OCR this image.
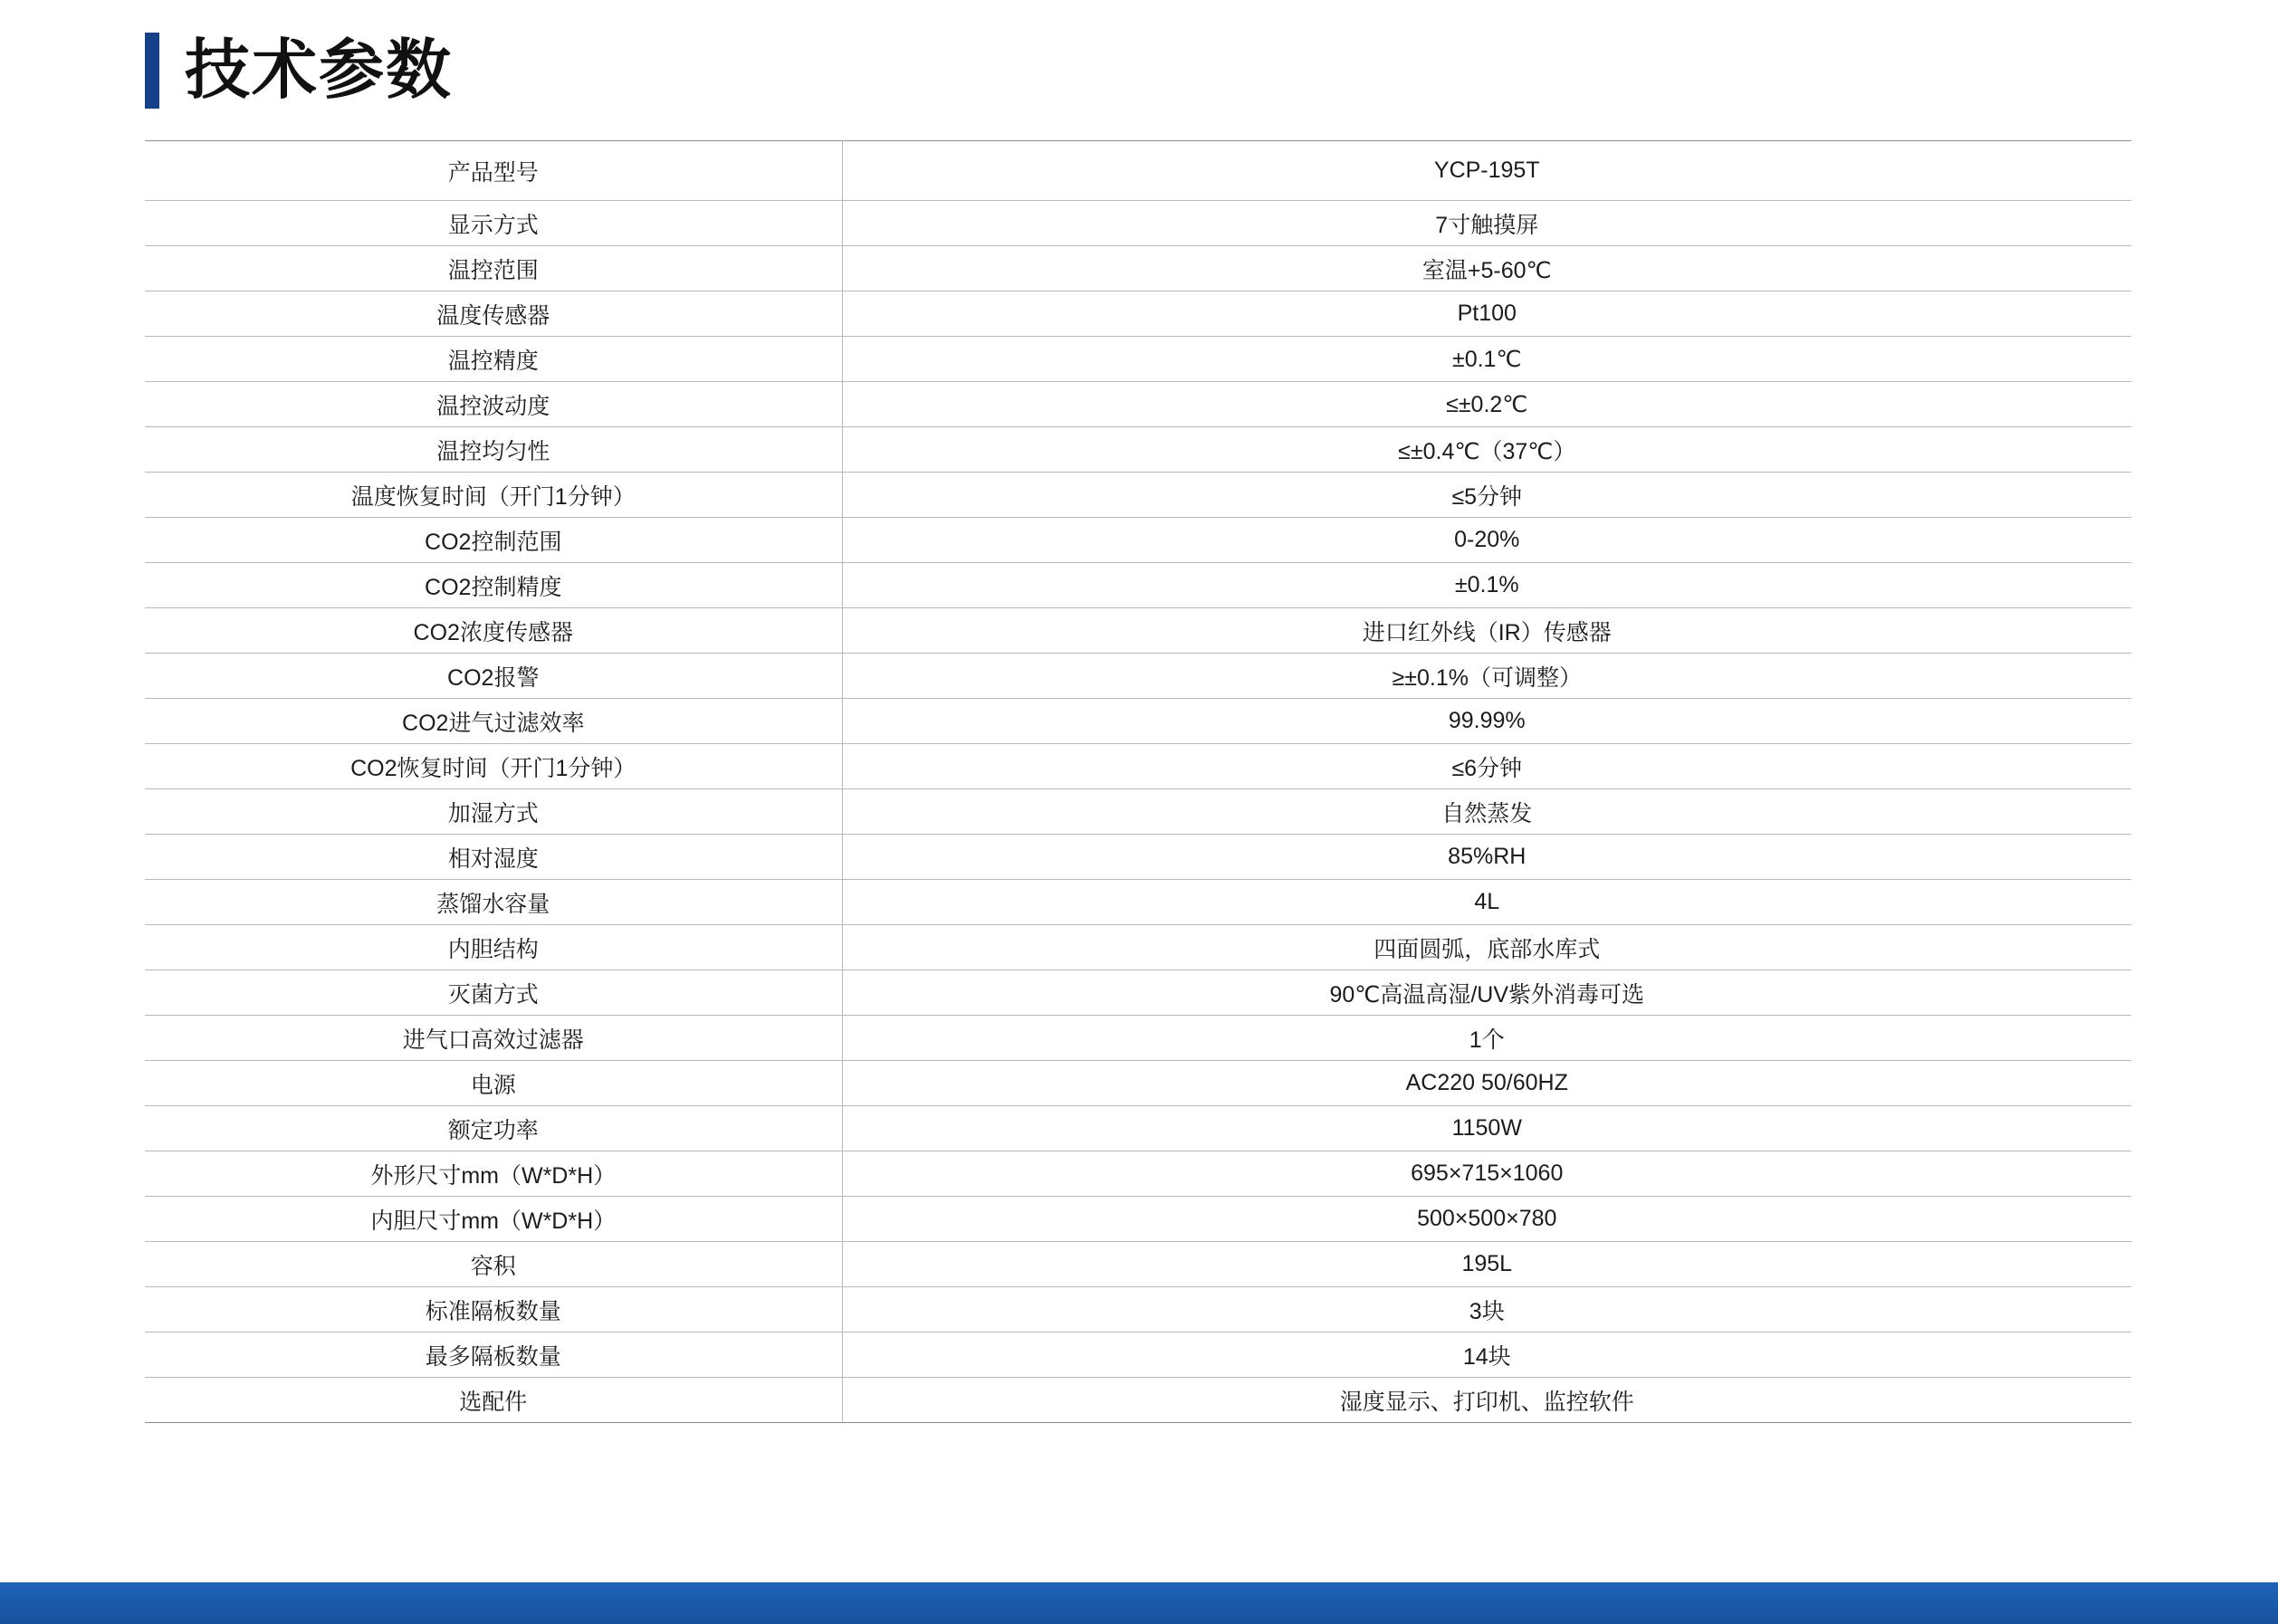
技术参数
产品型号	YCP-195T
显示方式	7寸触摸屏
温控范围	室温+5-60℃
温度传感器	Pt100
温控精度	±0.1℃
温控波动度	≤±0.2℃
温控均匀性	≤±0.4℃（37℃）
温度恢复时间（开门1分钟）	≤5分钟
CO2控制范围	0-20%
CO2控制精度	±0.1%
CO2浓度传感器	进口红外线（IR）传感器
CO2报警	≥±0.1%（可调整）
CO2进气过滤效率	99.99%
CO2恢复时间（开门1分钟）	≤6分钟
加湿方式	自然蒸发
相对湿度	85%RH
蒸馏水容量	4L
内胆结构	四面圆弧，底部水库式
灭菌方式	90℃高温高湿/UV紫外消毒可选
进气口高效过滤器	1个
电源	AC220 50/60HZ
额定功率	1150W
外形尺寸mm（W*D*H）	695×715×1060
内胆尺寸mm（W*D*H）	500×500×780
容积	195L
标准隔板数量	3块
最多隔板数量	14块
选配件	湿度显示、打印机、监控软件
